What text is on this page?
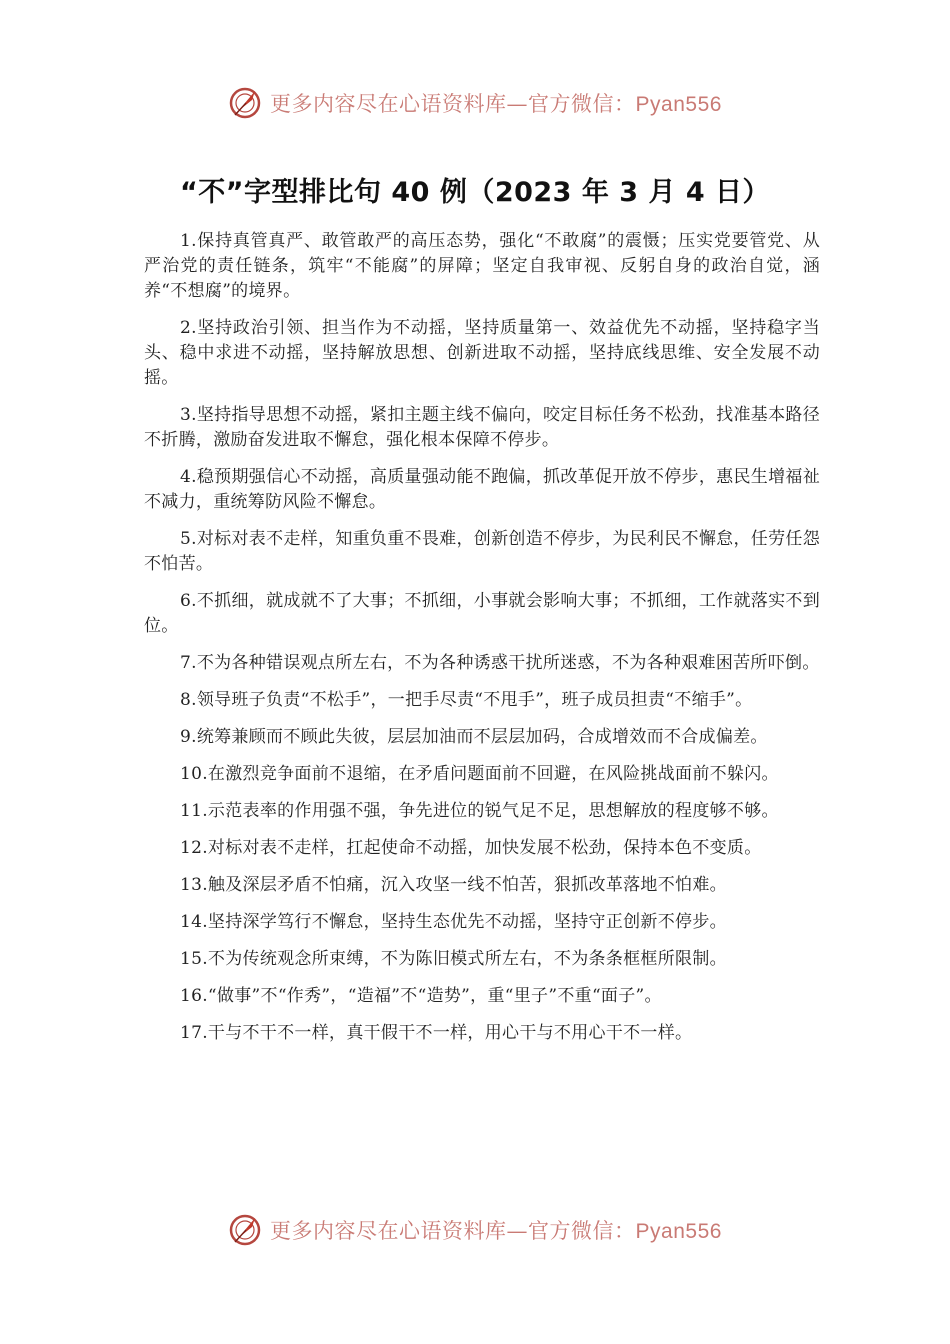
更多内容尽在心语资料库—官方微信：Pyan556
“不”字型排比句 40 例（2023 年 3 月 4 日）

1.保持真管真严、敢管敢严的高压态势，强化“不敢腐”的震慑；压实党要管党、从严治党的责任链条，筑牢“不能腐”的屏障；坚定自我审视、反躬自身的政治自觉，涵养“不想腐”的境界。

2.坚持政治引领、担当作为不动摇，坚持质量第一、效益优先不动摇，坚持稳字当头、稳中求进不动摇，坚持解放思想、创新进取不动摇，坚持底线思维、安全发展不动摇。

3.坚持指导思想不动摇，紧扣主题主线不偏向，咬定目标任务不松劲，找准基本路径不折腾，激励奋发进取不懈怠，强化根本保障不停步。

4.稳预期强信心不动摇，高质量强动能不跑偏，抓改革促开放不停步，惠民生增福祉不减力，重统筹防风险不懈怠。

5.对标对表不走样，知重负重不畏难，创新创造不停步，为民利民不懈怠，任劳任怨不怕苦。

6.不抓细，就成就不了大事；不抓细，小事就会影响大事；不抓细，工作就落实不到位。

7.不为各种错误观点所左右，不为各种诱惑干扰所迷惑，不为各种艰难困苦所吓倒。

8.领导班子负责“不松手”，一把手尽责“不甩手”，班子成员担责“不缩手”。

9.统筹兼顾而不顾此失彼，层层加油而不层层加码，合成增效而不合成偏差。

10.在激烈竞争面前不退缩，在矛盾问题面前不回避，在风险挑战面前不躲闪。

11.示范表率的作用强不强，争先进位的锐气足不足，思想解放的程度够不够。

12.对标对表不走样，扛起使命不动摇，加快发展不松劲，保持本色不变质。

13.触及深层矛盾不怕痛，沉入攻坚一线不怕苦，狠抓改革落地不怕难。

14.坚持深学笃行不懈怠，坚持生态优先不动摇，坚持守正创新不停步。

15.不为传统观念所束缚，不为陈旧模式所左右，不为条条框框所限制。

16.“做事”不“作秀”，“造福”不“造势”，重“里子”不重“面子”。

17.干与不干不一样，真干假干不一样，用心干与不用心干不一样。

更多内容尽在心语资料库—官方微信：Pyan556
